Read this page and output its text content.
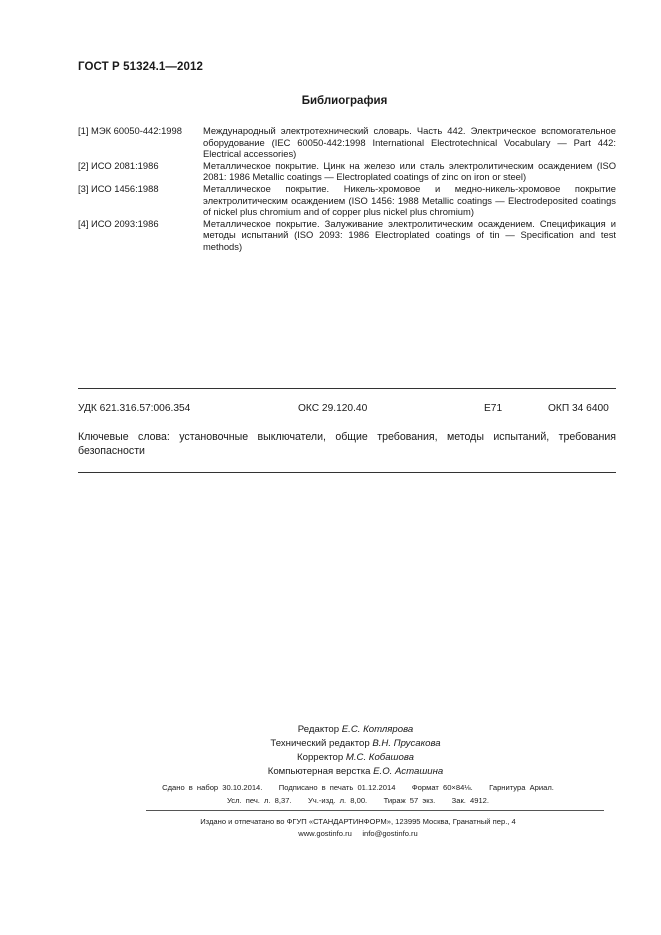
ГОСТ Р 51324.1—2012
Библиография
[1] МЭК 60050-442:1998	Международный электротехнический словарь. Часть 442. Электрическое вспомогательное оборудование (IEC 60050-442:1998 International Electrotechnical Vocabulary — Part 442: Electrical accessories)
[2] ИСО 2081:1986	Металлическое покрытие. Цинк на железо или сталь электролитическим осаждением (ISO 2081: 1986 Metallic coatings — Electroplated coatings of zinc on iron or steel)
[3] ИСО 1456:1988	Металлическое покрытие. Никель-хромовое и медно-никель-хромовое покрытие электролитическим осаждением (ISO 1456: 1988 Metallic coatings — Electrodeposited coatings of nickel plus chromium and of copper plus nickel plus chromium)
[4] ИСО 2093:1986	Металлическое покрытие. Залуживание электролитическим осаждением. Спецификация и методы испытаний (ISO 2093: 1986 Electroplated coatings of tin — Specification and test methods)
УДК 621.316.57:006.354	ОКС 29.120.40	E71	ОКП 34 6400
Ключевые слова: установочные выключатели, общие требования, методы испытаний, требования безопасности
Редактор Е.С. Котлярова
Технический редактор В.Н. Прусакова
Корректор М.С. Кобашова
Компьютерная верстка Е.О. Асташина
Сдано в набор 30.10.2014.    Подписано в печать 01.12.2014    Формат 60×84⅛.    Гарнитура Ариал.
Усл. печ. л. 8,37.    Уч.-изд. л. 8,00.    Тираж 57 экз.    Зак. 4912.
Издано и отпечатано во ФГУП «СТАНДАРТИНФОРМ», 123995 Москва, Гранатный пер., 4
www.gostinfo.ru     info@gostinfo.ru
